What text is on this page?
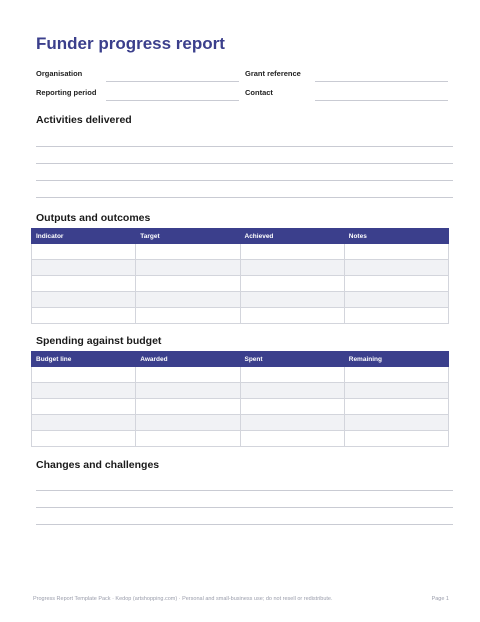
Funder progress report
Organisation	Grant reference
Reporting period	Contact
Activities delivered
Outputs and outcomes
Indicator	Target	Achieved	Notes

Spending against budget
Budget line	Awarded	Spent	Remaining

Changes and challenges
Progress Report Template Pack · Kedop (artshopping.com) · Personal and small-business use; do not resell or redistribute.	Page 1
